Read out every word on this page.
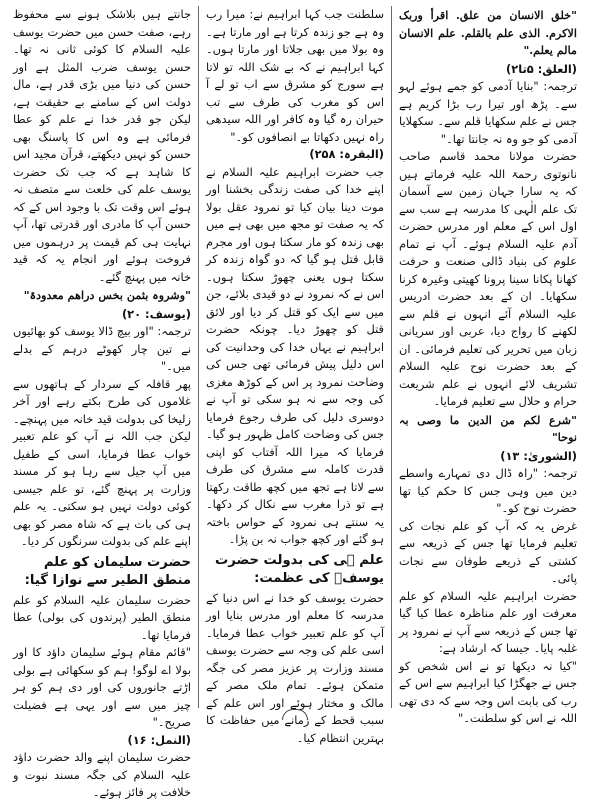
"خلق الانسان من علق. اقرأ وربک الاکرم. الذی علم بالقلم. علم الانسان مالم یعلم."
(العلق: ۵تا۲)
ترجمہ: "بنایا آدمی کو جمے ہوئے لہو سے۔ پڑھ اور تیرا رب بڑا کریم ہے جس نے علم سکھایا قلم سے۔ سکھلایا آدمی کو جو وہ نہ جانتا تھا۔"
حضرت مولانا محمد قاسم صاحب نانوتوی رحمۃ اللہ علیہ فرماتے ہیں کہ یہ سارا جہان زمین سے آسمان تک علم الٰہی کا مدرسہ ہے سب سے اول اس کے معلم اور مدرس حضرت آدم علیہ السلام ہوئے۔ آپ نے تمام علوم کی بنیاد ڈالی صنعت و حرفت کھانا پکانا سینا پرونا کھیتی وغیرہ کرنا سکھایا۔ ان کے بعد حضرت ادریس علیہ السلام آئے انہوں نے قلم سے لکھنے کا رواج دیا، عربی اور سریانی زبان میں تحریر کی تعلیم فرمائی۔ ان کے بعد حضرت نوح علیہ السلام تشریف لائے انہوں نے علم شریعت حرام و حلال سے تعلیم فرمایا۔
"شرع لکم من الدین ما وصی بہ نوحا"
(الشوریٰ: ۱۳)
ترجمہ: "راہ ڈال دی تمہارے واسطے دین میں وہی جس کا حکم کیا تھا حضرت نوح کو۔"
غرض یہ کہ آپ کو علم نجات کی تعلیم فرمایا تھا جس کے ذریعہ سے کشتی کے ذریعے طوفان سے نجات پائی۔
حضرت ابراہیم علیہ السلام کو علم معرفت اور علم مناظرہ عطا کیا گیا تھا جس کے ذریعہ سے آپ نے نمرود پر غلبہ پایا۔ جیسا کہ ارشاد ہے:
"کیا نہ دیکھا تو نے اس شخص کو جس نے جھگڑا کیا ابراہیم سے اس کے رب کی بابت اس وجہ سے کہ دی تھی اللہ نے اس کو سلطنت۔"
سلطنت جب کہا ابراہیم نے: میرا رب وہ ہے جو زندہ کرتا ہے اور مارتا ہے۔ وہ بولا میں بھی جلاتا اور مارتا ہوں۔ کہا ابراہیم نے کہ بے شک اللہ تو لاتا ہے سورج کو مشرق سے اب تو لے آ اس کو مغرب کی طرف سے تب حیران رہ گیا وہ کافر اور اللہ سیدھی راہ نہیں دکھاتا بے انصافوں کو۔"
(البقرہ: ۲۵۸)
جب حضرت ابراہیم علیہ السلام نے اپنے خدا کی صفت زندگی بخشنا اور موت دینا بیان کیا تو نمرود عقل بولا کہ یہ صفت تو مجھ میں بھی ہے میں بھی زندہ کو مار سکتا ہوں اور مجرم قابل قتل ہو گیا کہ دو گواہ زندہ کر سکتا ہوں یعنی چھوڑ سکتا ہوں۔ اس نے کہ نمرود نے دو قیدی بلائے، جن میں سے ایک کو قتل کر دیا اور لائق قتل کو چھوڑ دیا۔ چونکہ حضرت ابراہیم نے یہاں خدا کی وحدانیت کی اس دلیل پیش فرمائی تھی جس کی وضاحت نمرود پر اس کے کوڑھ مغزی کی وجہ سے نہ ہو سکی تو آپ نے دوسری دلیل کی طرف رجوع فرمایا جس کی وضاحت کامل ظہور ہو گیا۔ فرمایا کہ میرا اللہ آفتاب کو اپنی قدرت کاملہ سے مشرق کی طرف سے لاتا ہے تجھ میں کچھ طاقت رکھتا ہے تو ذرا مغرب سے نکال کر دکھا۔ یہ سنتے ہی نمرود کے حواس باختہ ہو گئے اور کچھ جواب نہ بن پڑا۔
علم ہی کی بدولت حضرت یوسفؑ کی عظمت:
حضرت یوسف کو خدا نے اس دنیا کے مدرسہ کا معلم اور مدرس بنایا اور آپ کو علم تعبیر خواب عطا فرمایا۔ اسی علم کی وجہ سے حضرت یوسف مسند وزارت پر عزیز مصر کی جگہ متمکن ہوئے۔ تمام ملک مصر کے مالک و مختار ہوئے اور اس علم کے سبب قحط کے زمانے میں حفاظت کا بہترین انتظام کیا۔
جانتے ہیں بلاشک ہونے سے محفوظ رہے، صفت حسن میں حضرت یوسف علیہ السلام کا کوئی ثانی نہ تھا۔ حسن یوسف ضرب المثل ہے اور حسن کی دنیا میں بڑی قدر ہے، مال دولت اس کے سامنے بے حقیقت ہے، لیکن جو قدر خدا نے علم کو عطا فرمائی ہے وہ اس کا پاسنگ بھی حسن کو نہیں دیکھتے، قرآن مجید اس کا شاہد ہے کہ جب تک حضرت یوسف علم کی خلعت سے متصف نہ ہوئے اس وقت تک با وجود اس کے کہ حسن آپ کا مادری اور قدرتی تھا، آپ نہایت ہی کم قیمت پر درہموں میں فروخت ہوئے اور انجام یہ کہ قید خانہ میں پہنچ گئے۔
"وشروہ بثمن بخس دراھم معدودۃ"
(یوسف: ۲۰)
ترجمہ: "اور بیچ ڈالا یوسف کو بھائیوں نے تین چار کھوٹے درہم کے بدلے میں۔"
پھر قافلہ کے سردار کے ہاتھوں سے غلاموں کی طرح بکتے رہے اور آخر زلیخا کی بدولت قید خانہ میں پہنچے۔ لیکن جب اللہ نے آپ کو علم تعبیر خواب عطا فرمایا، اسی کے طفیل میں آپ جیل سے رہا ہو کر مسند وزارت پر پہنچ گئے، تو علم جیسی کوئی دولت نہیں ہو سکتی۔ یہ علم ہی کی بات ہے کہ شاہ مصر کو بھی اپنے علم کی بدولت سرنگوں کر دیا۔
حضرت سلیمان کو علم منطق الطیر سے نوازا گیا:
حضرت سلیمان علیہ السلام کو علم منطق الطیر (پرندوں کی بولی) عطا فرمایا تھا۔
"قائم مقام ہوئے سلیمان داؤد کا اور بولا اے لوگو! ہم کو سکھائی ہے بولی اڑتے جانوروں کی اور دی ہم کو ہر چیز میں سے اور یہی ہے فضیلت صریح۔"
(النمل: ۱۶)
حضرت سلیمان اپنے والد حضرت داؤد علیہ السلام کی جگہ مسند نبوت و خلافت پر فائز ہوئے۔
